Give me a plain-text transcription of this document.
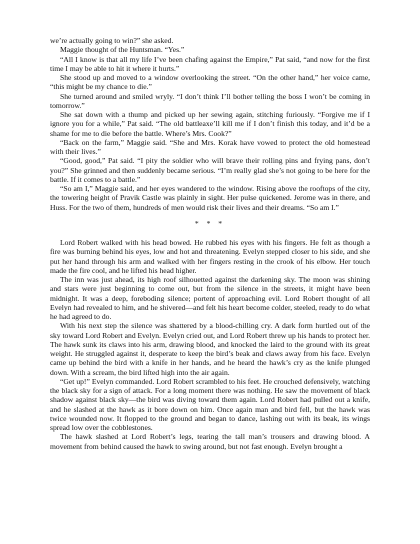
we’re actually going to win?” she asked.

Maggie thought of the Huntsman. “Yes.”

“All I know is that all my life I’ve been chafing against the Empire,” Pat said, “and now for the first time I may be able to hit it where it hurts.”

She stood up and moved to a window overlooking the street. “On the other hand,” her voice came, “this might be my chance to die.”

She turned around and smiled wryly. “I don’t think I’ll bother telling the boss I won’t be coming in tomorrow.”

She sat down with a thump and picked up her sewing again, stitching furiously. “Forgive me if I ignore you for a while,” Pat said. “The old battleaxe’ll kill me if I don’t finish this today, and it’d be a shame for me to die before the battle. Where’s Mrs. Cook?”

“Back on the farm,” Maggie said. “She and Mrs. Korak have vowed to protect the old homestead with their lives.”

“Good, good,” Pat said. “I pity the soldier who will brave their rolling pins and frying pans, don’t you?” She grinned and then suddenly became serious. “I’m really glad she’s not going to be here for the battle. If it comes to a battle.”

“So am I,” Maggie said, and her eyes wandered to the window. Rising above the rooftops of the city, the towering height of Pravik Castle was plainly in sight. Her pulse quickened. Jerome was in there, and Huss. For the two of them, hundreds of men would risk their lives and their dreams. “So am I.”

* * *

Lord Robert walked with his head bowed. He rubbed his eyes with his fingers. He felt as though a fire was burning behind his eyes, low and hot and threatening. Evelyn stepped closer to his side, and she put her hand through his arm and walked with her fingers resting in the crook of his elbow. Her touch made the fire cool, and he lifted his head higher.

The inn was just ahead, its high roof silhouetted against the darkening sky. The moon was shining and stars were just beginning to come out, but from the silence in the streets, it might have been midnight. It was a deep, foreboding silence; portent of approaching evil. Lord Robert thought of all Evelyn had revealed to him, and he shivered—and felt his heart become colder, steeled, ready to do what he had agreed to do.

With his next step the silence was shattered by a blood-chilling cry. A dark form hurtled out of the sky toward Lord Robert and Evelyn. Evelyn cried out, and Lord Robert threw up his hands to protect her. The hawk sunk its claws into his arm, drawing blood, and knocked the laird to the ground with its great weight. He struggled against it, desperate to keep the bird’s beak and claws away from his face. Evelyn came up behind the bird with a knife in her hands, and he heard the hawk’s cry as the knife plunged down. With a scream, the bird lifted high into the air again.

“Get up!” Evelyn commanded. Lord Robert scrambled to his feet. He crouched defensively, watching the black sky for a sign of attack. For a long moment there was nothing. He saw the movement of black shadow against black sky—the bird was diving toward them again. Lord Robert had pulled out a knife, and he slashed at the hawk as it bore down on him. Once again man and bird fell, but the hawk was twice wounded now. It flopped to the ground and began to dance, lashing out with its beak, its wings spread low over the cobblestones.

The hawk slashed at Lord Robert’s legs, tearing the tall man’s trousers and drawing blood. A movement from behind caused the hawk to swing around, but not fast enough. Evelyn brought a
